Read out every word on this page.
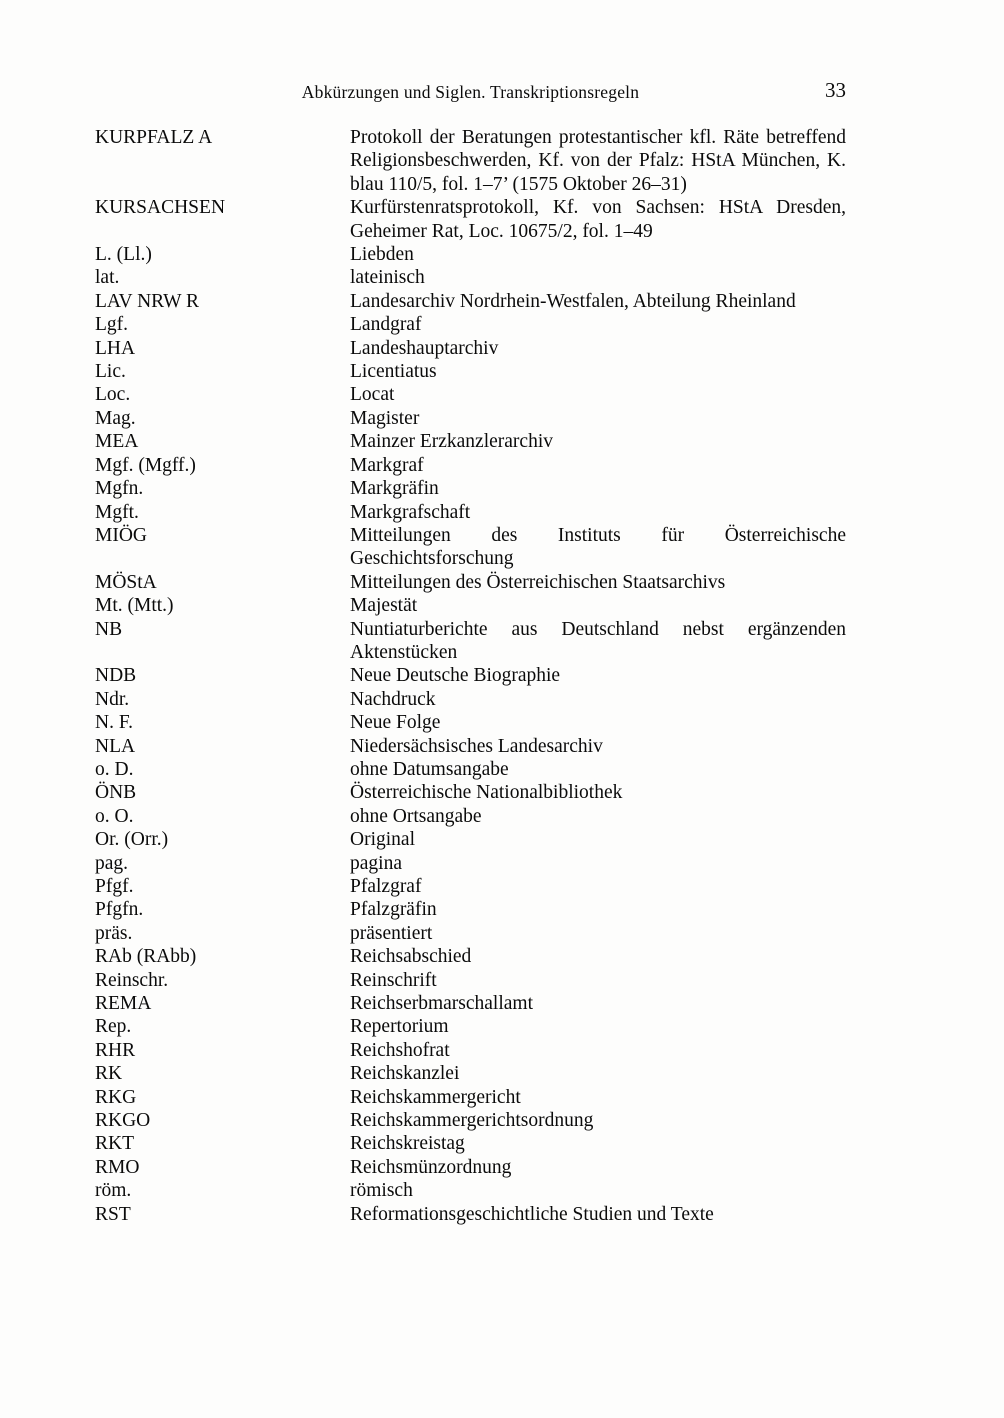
Abkürzungen und Siglen. Transkriptionsregeln	33
KURPFALZ A	Protokoll der Beratungen protestantischer kfl. Räte betreffend Religionsbeschwerden, Kf. von der Pfalz: HStA München, K. blau 110/5, fol. 1–7’ (1575 Oktober 26–31)
KURSACHSEN	Kurfürstenratsprotokoll, Kf. von Sachsen: HStA Dresden, Geheimer Rat, Loc. 10675/2, fol. 1–49
L. (Ll.)	Liebden
lat.	lateinisch
LAV NRW R	Landesarchiv Nordrhein-Westfalen, Abteilung Rheinland
Lgf.	Landgraf
LHA	Landeshauptarchiv
Lic.	Licentiatus
Loc.	Locat
Mag.	Magister
MEA	Mainzer Erzkanzlerarchiv
Mgf. (Mgff.)	Markgraf
Mgfn.	Markgräfin
Mgft.	Markgrafschaft
MIÖG	Mitteilungen des Instituts für Österreichische Geschichtsforschung
MÖStA	Mitteilungen des Österreichischen Staatsarchivs
Mt. (Mtt.)	Majestät
NB	Nuntiaturberichte aus Deutschland nebst ergänzenden Aktenstücken
NDB	Neue Deutsche Biographie
Ndr.	Nachdruck
N. F.	Neue Folge
NLA	Niedersächsisches Landesarchiv
o. D.	ohne Datumsangabe
ÖNB	Österreichische Nationalbibliothek
o. O.	ohne Ortsangabe
Or. (Orr.)	Original
pag.	pagina
Pfgf.	Pfalzgraf
Pfgfn.	Pfalzgräfin
präs.	präsentiert
RAb (RAbb)	Reichsabschied
Reinschr.	Reinschrift
REMA	Reichserbmarschallamt
Rep.	Repertorium
RHR	Reichshofrat
RK	Reichskanzlei
RKG	Reichskammergericht
RKGO	Reichskammergerichtsordnung
RKT	Reichskreistag
RMO	Reichsmünzordnung
röm.	römisch
RST	Reformationsgeschichtliche Studien und Texte
